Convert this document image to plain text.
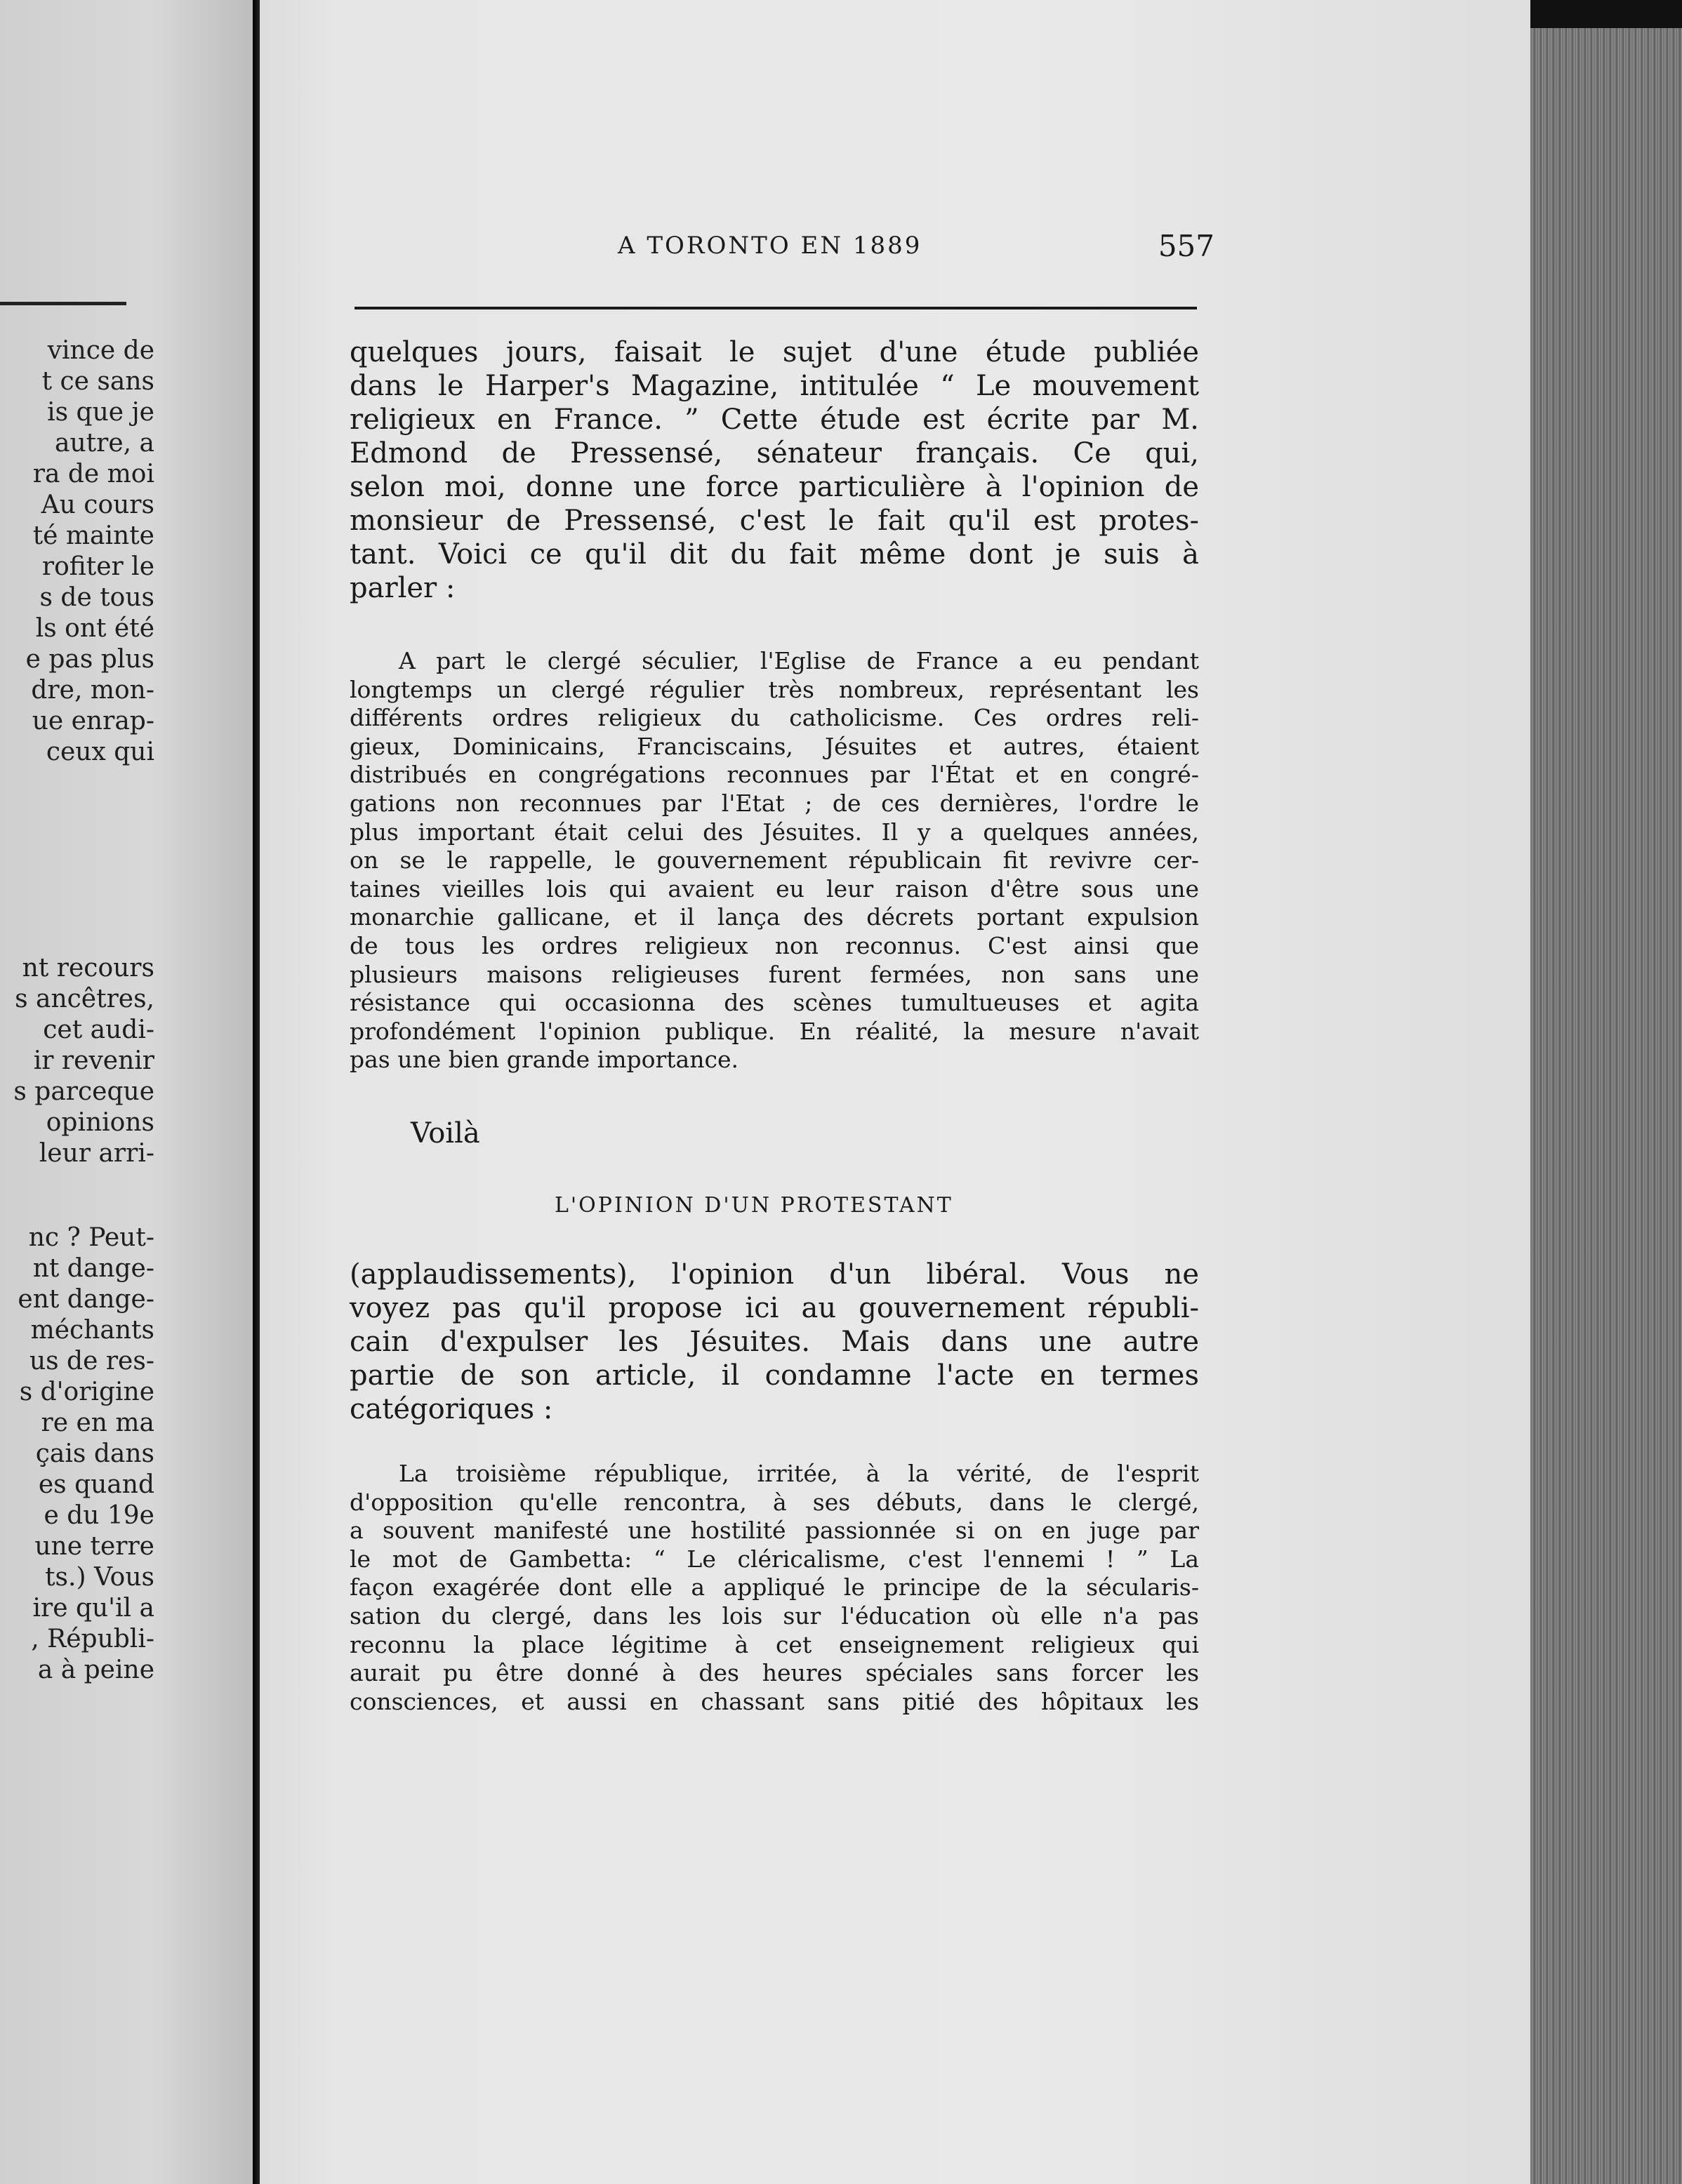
vince de
t ce sans
is que je
autre, a
ra de moi
Au cours
té mainte
rofiter le
s de tous
ls ont été
e pas plus
dre, mon-
ue enrap-
ceux qui
nt recours
s ancêtres,
cet audi-
ir revenir
s parceque
opinions
leur arri-
nc ? Peut-
nt dange-
ent dange-
méchants
us de res-
s d'origine
re en ma
çais dans
es quand
e du 19e
une terre
ts.) Vous
ire qu'il a
, Républi-
a à peine
A TORONTO EN 1889	557
quelques jours, faisait le sujet d'une étude publiée
dans le Harper's Magazine, intitulée “ Le mouvement
religieux en France. ” Cette étude est écrite par M.
Edmond de Pressensé, sénateur français. Ce qui,
selon moi, donne une force particulière à l'opinion de
monsieur de Pressensé, c'est le fait qu'il est protes-
tant. Voici ce qu'il dit du fait même dont je suis à
parler :
A part le clergé séculier, l'Eglise de France a eu pendant
longtemps un clergé régulier très nombreux, représentant les
différents ordres religieux du catholicisme. Ces ordres reli-
gieux, Dominicains, Franciscains, Jésuites et autres, étaient
distribués en congrégations reconnues par l'État et en congré-
gations non reconnues par l'Etat ; de ces dernières, l'ordre le
plus important était celui des Jésuites. Il y a quelques années,
on se le rappelle, le gouvernement républicain fit revivre cer-
taines vieilles lois qui avaient eu leur raison d'être sous une
monarchie gallicane, et il lança des décrets portant expulsion
de tous les ordres religieux non reconnus. C'est ainsi que
plusieurs maisons religieuses furent fermées, non sans une
résistance qui occasionna des scènes tumultueuses et agita
profondément l'opinion publique. En réalité, la mesure n'avait
pas une bien grande importance.
Voilà
L'OPINION D'UN PROTESTANT
(applaudissements), l'opinion d'un libéral. Vous ne
voyez pas qu'il propose ici au gouvernement républi-
cain d'expulser les Jésuites. Mais dans une autre
partie de son article, il condamne l'acte en termes
catégoriques :
La troisième république, irritée, à la vérité, de l'esprit
d'opposition qu'elle rencontra, à ses débuts, dans le clergé,
a souvent manifesté une hostilité passionnée si on en juge par
le mot de Gambetta: “ Le cléricalisme, c'est l'ennemi ! ” La
façon exagérée dont elle a appliqué le principe de la sécularis-
sation du clergé, dans les lois sur l'éducation où elle n'a pas
reconnu la place légitime à cet enseignement religieux qui
aurait pu être donné à des heures spéciales sans forcer les
consciences, et aussi en chassant sans pitié des hôpitaux les
